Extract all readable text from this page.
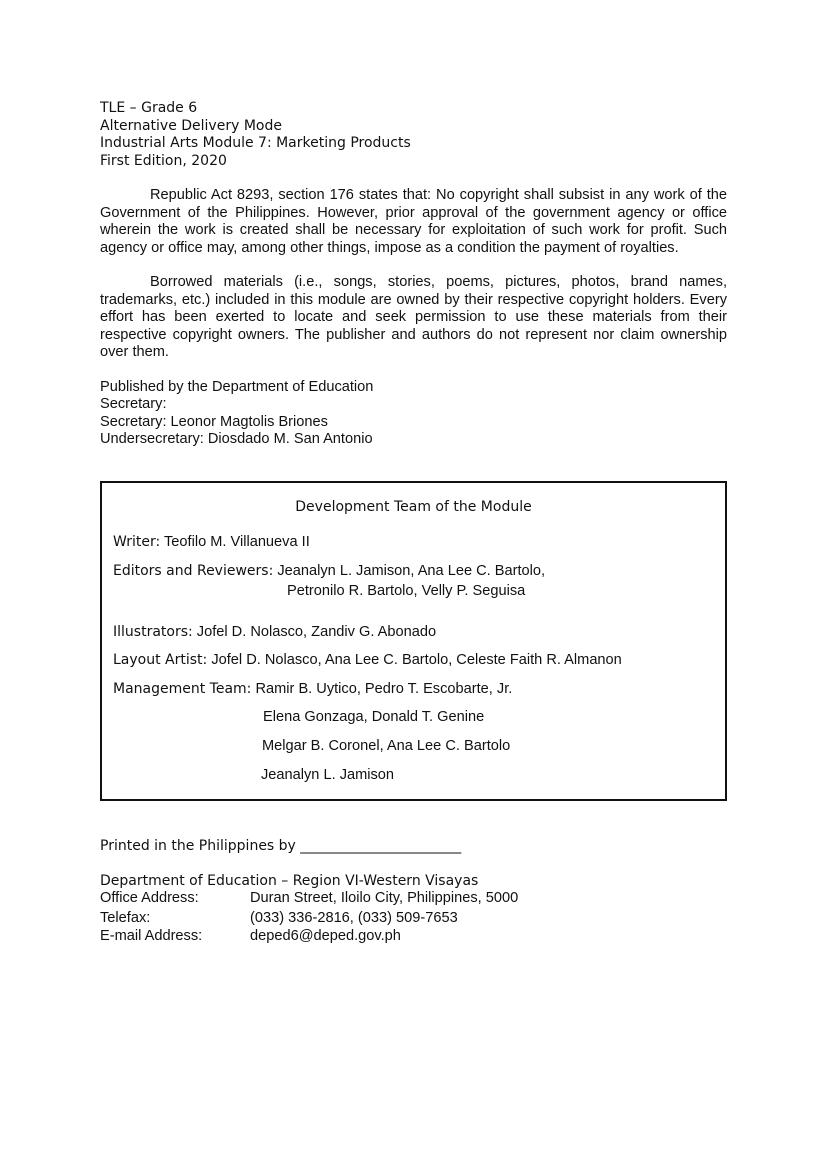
TLE – Grade 6
Alternative Delivery Mode
Industrial Arts Module 7: Marketing Products
First Edition, 2020

Republic Act 8293, section 176 states that: No copyright shall subsist in any work of the Government of the Philippines. However, prior approval of the government agency or office wherein the work is created shall be necessary for exploitation of such work for profit. Such agency or office may, among other things, impose as a condition the payment of royalties.

Borrowed materials (i.e., songs, stories, poems, pictures, photos, brand names, trademarks, etc.) included in this module are owned by their respective copyright holders. Every effort has been exerted to locate and seek permission to use these materials from their respective copyright owners. The publisher and authors do not represent nor claim ownership over them.

Published by the Department of Education
Secretary:
Secretary: Leonor Magtolis Briones
Undersecretary: Diosdado M. San Antonio
Development Team of the Module
Writer: Teofilo M. Villanueva II
Editors and Reviewers: Jeanalyn L. Jamison, Ana Lee C. Bartolo,
Petronilo R. Bartolo, Velly P. Seguisa
Illustrators: Jofel D. Nolasco, Zandiv G. Abonado
Layout Artist: Jofel D. Nolasco, Ana Lee C. Bartolo, Celeste Faith R. Almanon
Management Team: Ramir B. Uytico, Pedro T. Escobarte, Jr.
Elena Gonzaga, Donald T. Genine
Melgar B. Coronel, Ana Lee C. Bartolo
Jeanalyn L. Jamison
Printed in the Philippines by _______________________
Department of Education – Region VI-Western Visayas
Office Address:	Duran Street, Iloilo City, Philippines, 5000
Telefax:	(033) 336-2816, (033) 509-7653
E-mail Address:	deped6@deped.gov.ph
